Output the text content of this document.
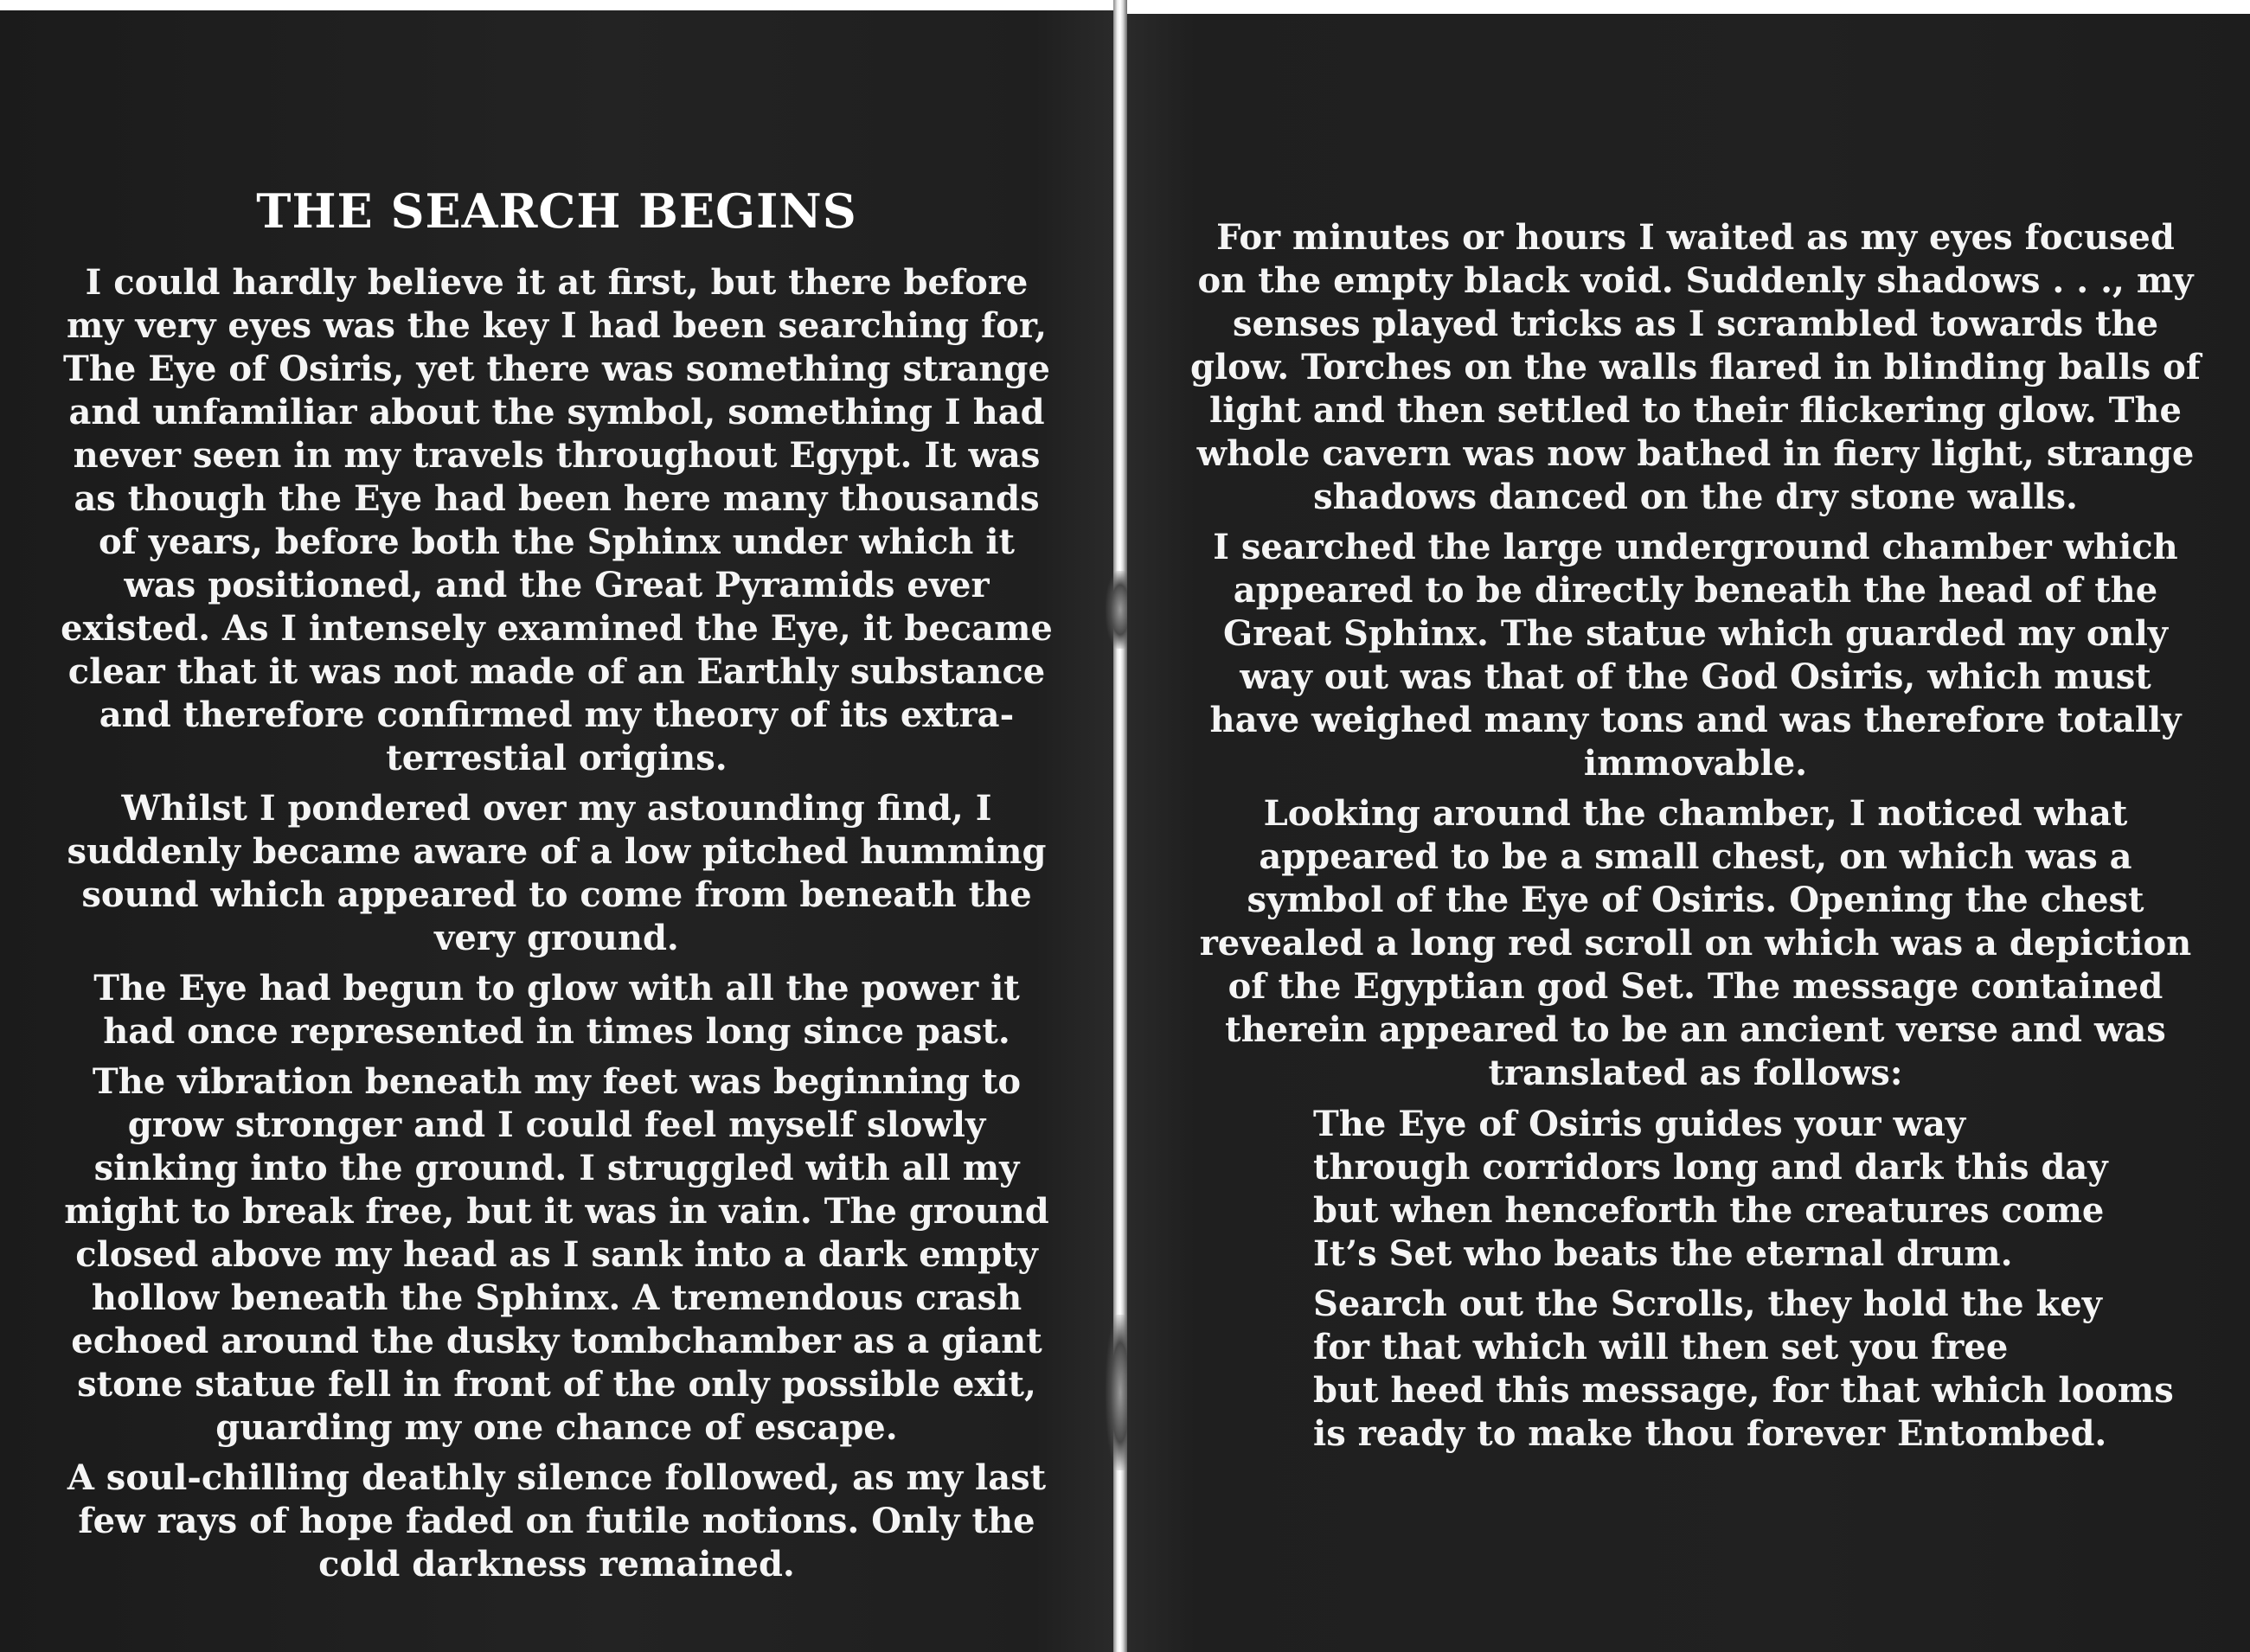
THE SEARCH BEGINS

I could hardly believe it at first, but there before my very eyes was the key I had been searching for, The Eye of Osiris, yet there was something strange and unfamiliar about the symbol, something I had never seen in my travels throughout Egypt. It was as though the Eye had been here many thousands of years, before both the Sphinx under which it was positioned, and the Great Pyramids ever existed. As I intensely examined the Eye, it became clear that it was not made of an Earthly substance and therefore confirmed my theory of its extra-terrestial origins.

Whilst I pondered over my astounding find, I suddenly became aware of a low pitched humming sound which appeared to come from beneath the very ground.

The Eye had begun to glow with all the power it had once represented in times long since past.

The vibration beneath my feet was beginning to grow stronger and I could feel myself slowly sinking into the ground. I struggled with all my might to break free, but it was in vain. The ground closed above my head as I sank into a dark empty hollow beneath the Sphinx. A tremendous crash echoed around the dusky tombchamber as a giant stone statue fell in front of the only possible exit, guarding my one chance of escape.

A soul-chilling deathly silence followed, as my last few rays of hope faded on futile notions. Only the cold darkness remained.

For minutes or hours I waited as my eyes focused on the empty black void. Suddenly shadows . . ., my senses played tricks as I scrambled towards the glow. Torches on the walls flared in blinding balls of light and then settled to their flickering glow. The whole cavern was now bathed in fiery light, strange shadows danced on the dry stone walls.

I searched the large underground chamber which appeared to be directly beneath the head of the Great Sphinx. The statue which guarded my only way out was that of the God Osiris, which must have weighed many tons and was therefore totally immovable.

Looking around the chamber, I noticed what appeared to be a small chest, on which was a symbol of the Eye of Osiris. Opening the chest revealed a long red scroll on which was a depiction of the Egyptian god Set. The message contained therein appeared to be an ancient verse and was translated as follows:

The Eye of Osiris guides your way
through corridors long and dark this day
but when henceforth the creatures come
It’s Set who beats the eternal drum.
Search out the Scrolls, they hold the key
for that which will then set you free
but heed this message, for that which looms
is ready to make thou forever Entombed.
